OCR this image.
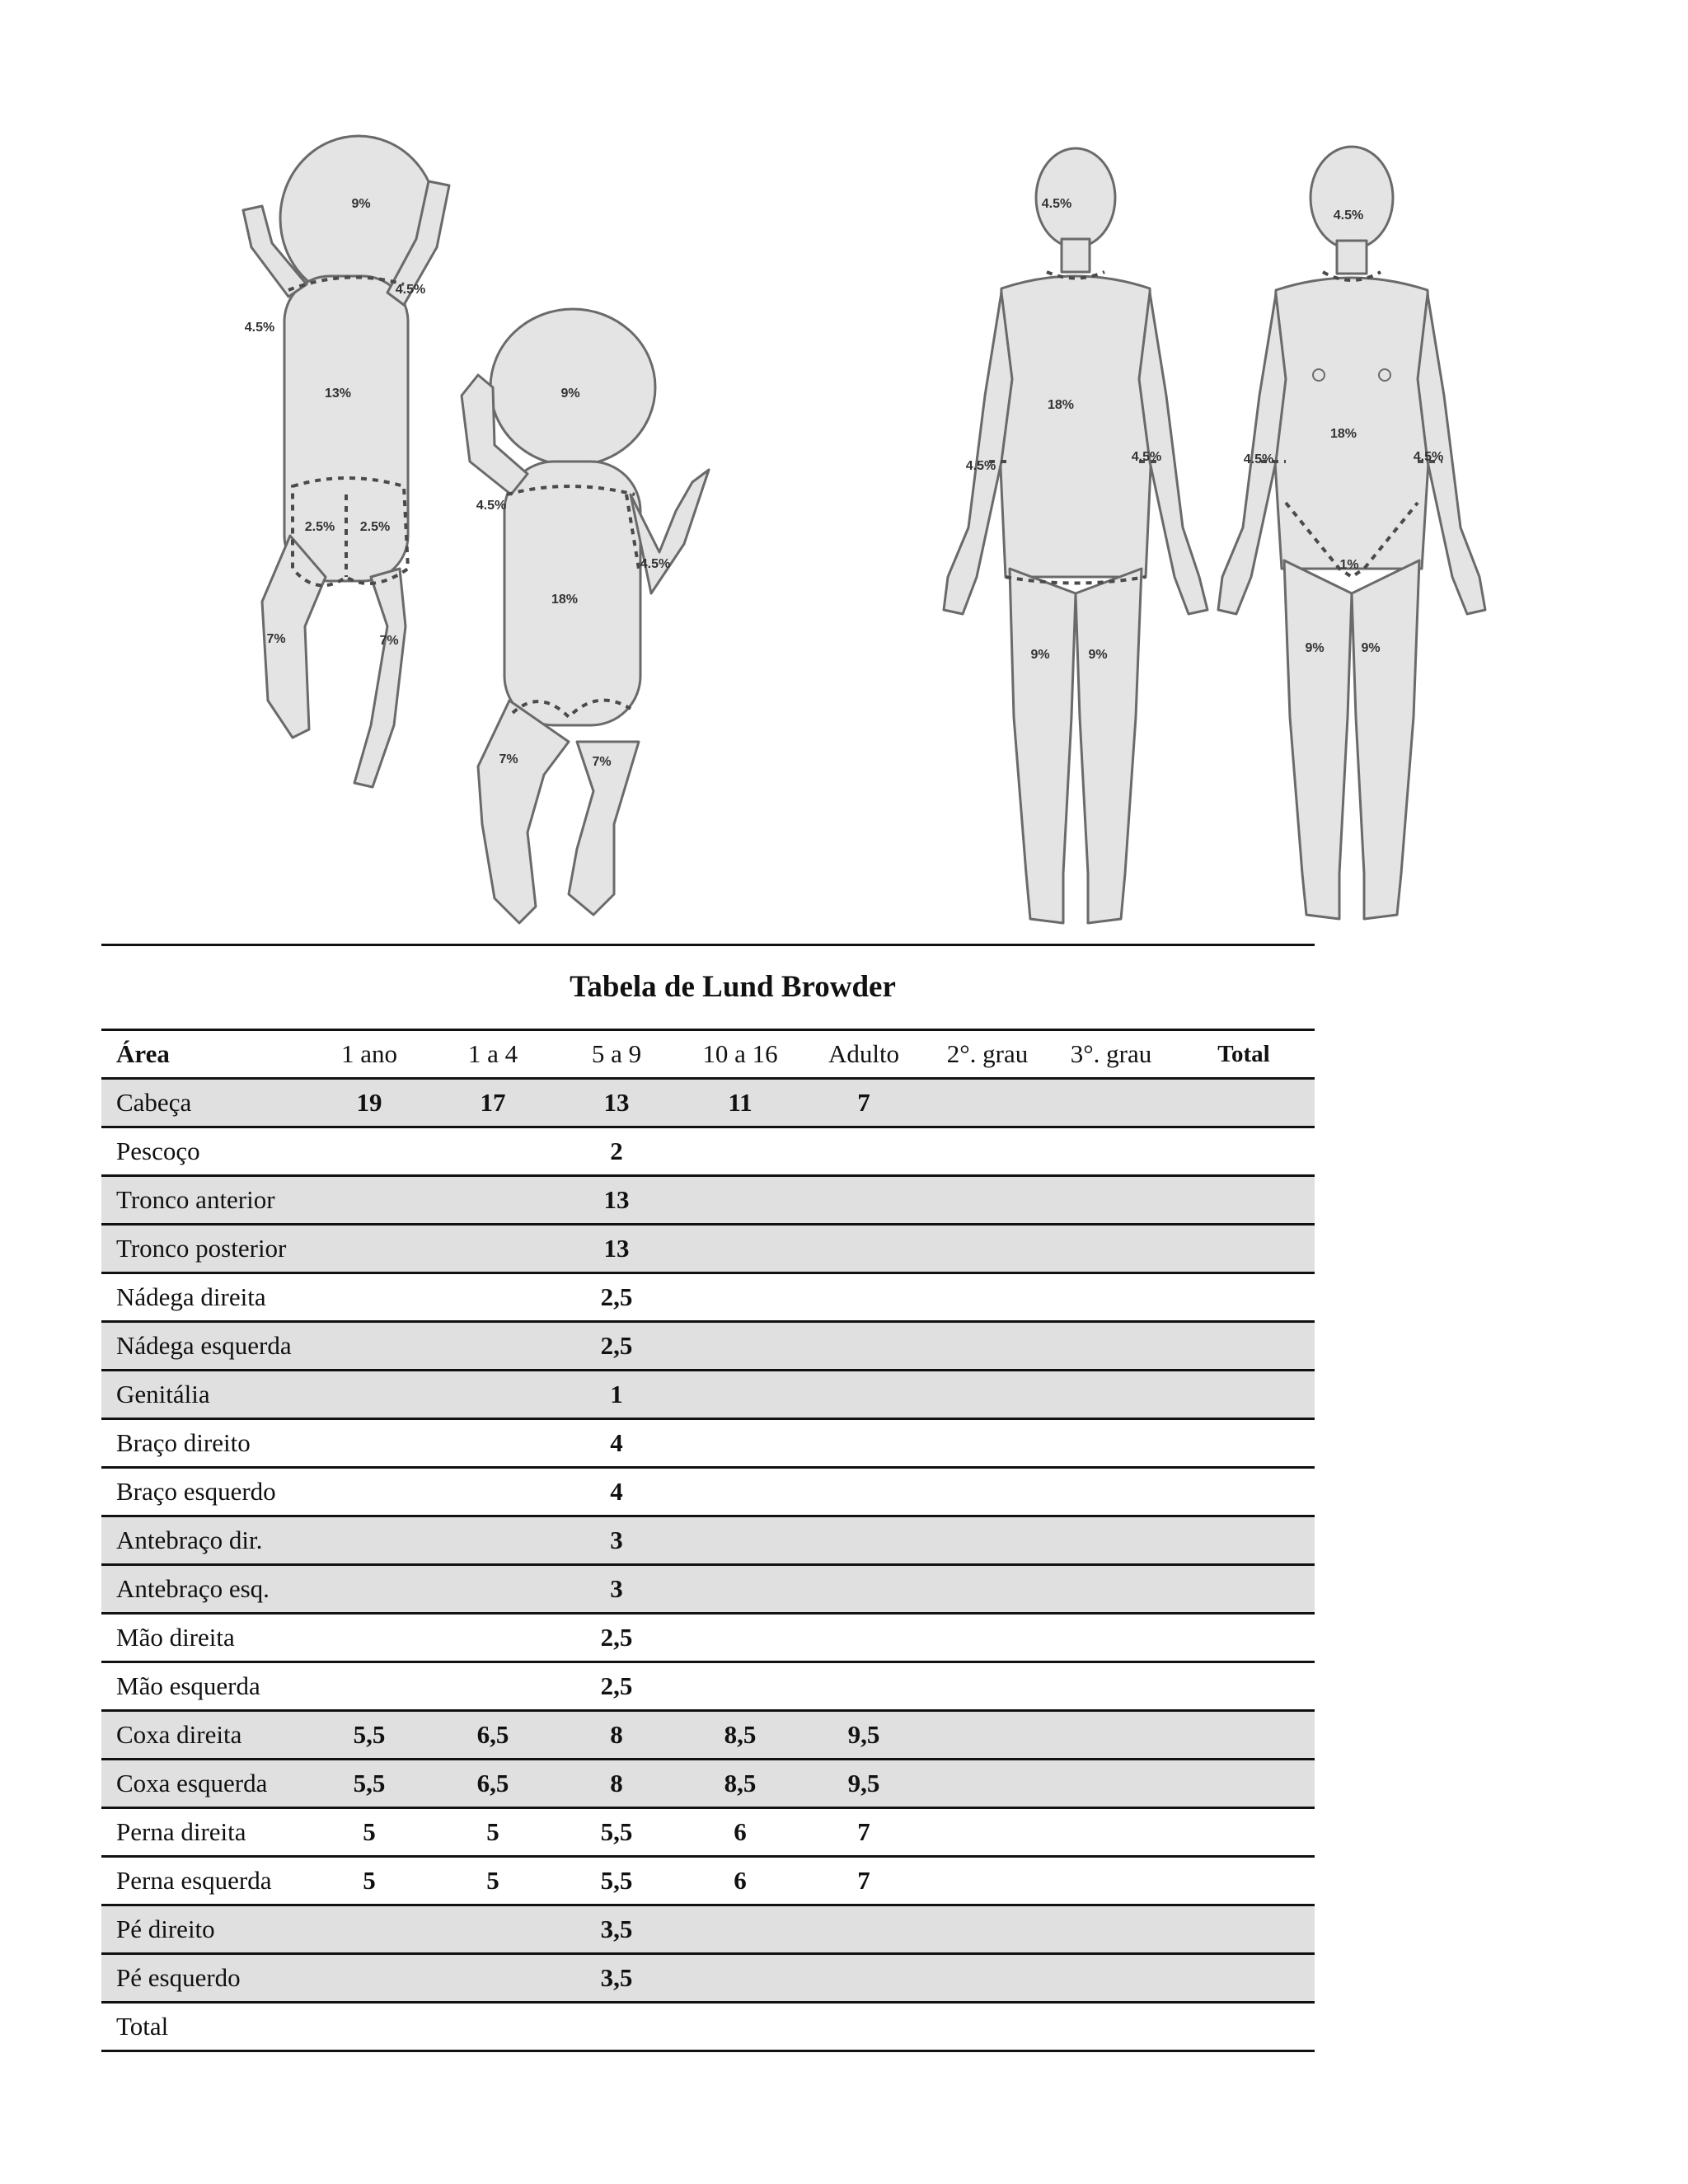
9%
4.5%
4.5%
13%
2.5% 2.5%
7%	7%
9%
4.5%
4.5%
18%
7%	7%
4.5%
18%
4.5%
4.5%
9%	9%
4.5%
18%
4.5%	4.5%
1%
9%	9%
Tabela de Lund Browder
Área	1 ano	1 a 4	5 a 9	10 a 16	Adulto	2°. grau	3°. grau	Total
Cabeça	19	17	13	11	7			
Pescoço			2					
Tronco anterior			13					
Tronco posterior			13					
Nádega direita			2,5					
Nádega esquerda			2,5					
Genitália			1					
Braço direito			4					
Braço esquerdo			4					
Antebraço dir.			3					
Antebraço esq.			3					
Mão direita			2,5					
Mão esquerda			2,5					
Coxa direita	5,5	6,5	8	8,5	9,5			
Coxa esquerda	5,5	6,5	8	8,5	9,5			
Perna direita	5	5	5,5	6	7			
Perna esquerda	5	5	5,5	6	7			
Pé direito			3,5					
Pé esquerdo			3,5					
Total								
